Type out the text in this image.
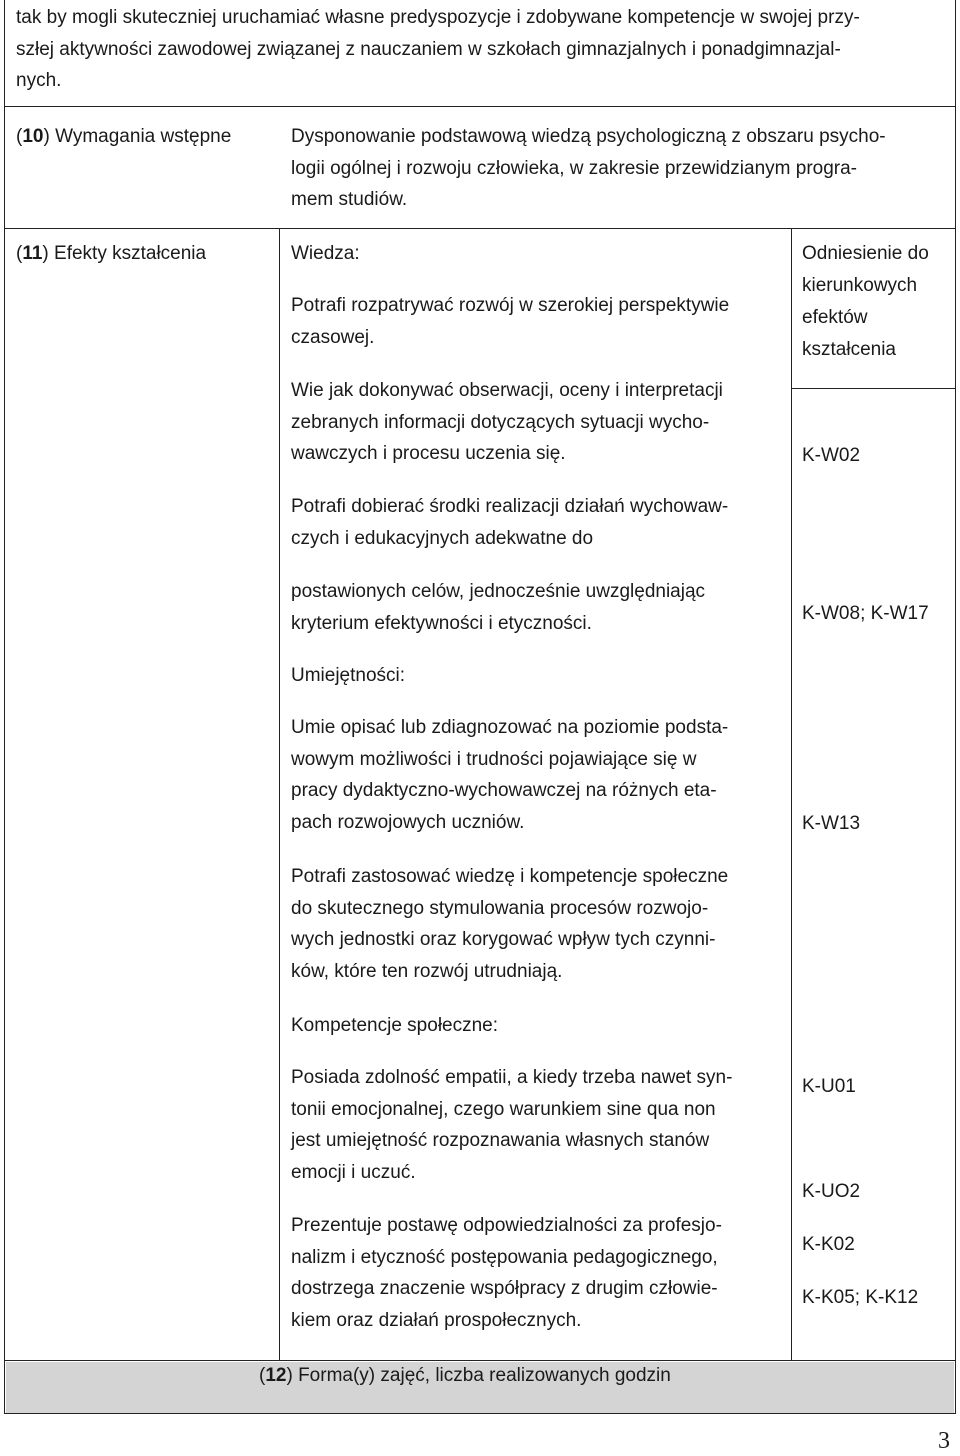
tak by mogli skuteczniej uruchamiać własne predyspozycje i zdobywane kompetencje w swojej przy-
szłej aktywności zawodowej związanej z nauczaniem w szkołach gimnazjalnych i ponadgimnazjal-
nych.
(10) Wymagania wstępne	Dysponowanie podstawową wiedzą psychologiczną z obszaru psycho-
logii ogólnej i rozwoju człowieka, w zakresie przewidzianym progra-
mem studiów.
(11) Efekty kształcenia	Odniesienie do
kierunkowych
efektów
kształcenia
Wiedza:
Potrafi rozpatrywać rozwój w szerokiej perspektywie
czasowej.
Wie jak dokonywać obserwacji, oceny i interpretacji
zebranych informacji dotyczących sytuacji wycho-
wawczych i procesu uczenia się.
Potrafi dobierać środki realizacji działań wychowaw-
czych i edukacyjnych adekwatne do
postawionych celów, jednocześnie uwzględniając
kryterium efektywności i etyczności.
Umiejętności:
Umie opisać lub zdiagnozować na poziomie podsta-
wowym możliwości i trudności pojawiające się w
pracy dydaktyczno-wychowawczej na różnych eta-
pach rozwojowych uczniów.
Potrafi zastosować wiedzę i kompetencje społeczne
do skutecznego stymulowania procesów rozwojo-
wych jednostki oraz korygować wpływ tych czynni-
ków, które ten rozwój utrudniają.
Kompetencje społeczne:
Posiada zdolność empatii, a kiedy trzeba nawet syn-
tonii emocjonalnej, czego warunkiem sine qua non
jest umiejętność rozpoznawania własnych stanów
emocji i uczuć.
Prezentuje postawę odpowiedzialności za profesjo-
nalizm i etyczność postępowania pedagogicznego,
dostrzega znaczenie współpracy z drugim człowie-
kiem oraz działań prospołecznych.
K-W02
K-W08; K-W17
K-W13
K-U01
K-UO2
K-K02
K-K05; K-K12
(12) Forma(y) zajęć, liczba realizowanych godzin
3
